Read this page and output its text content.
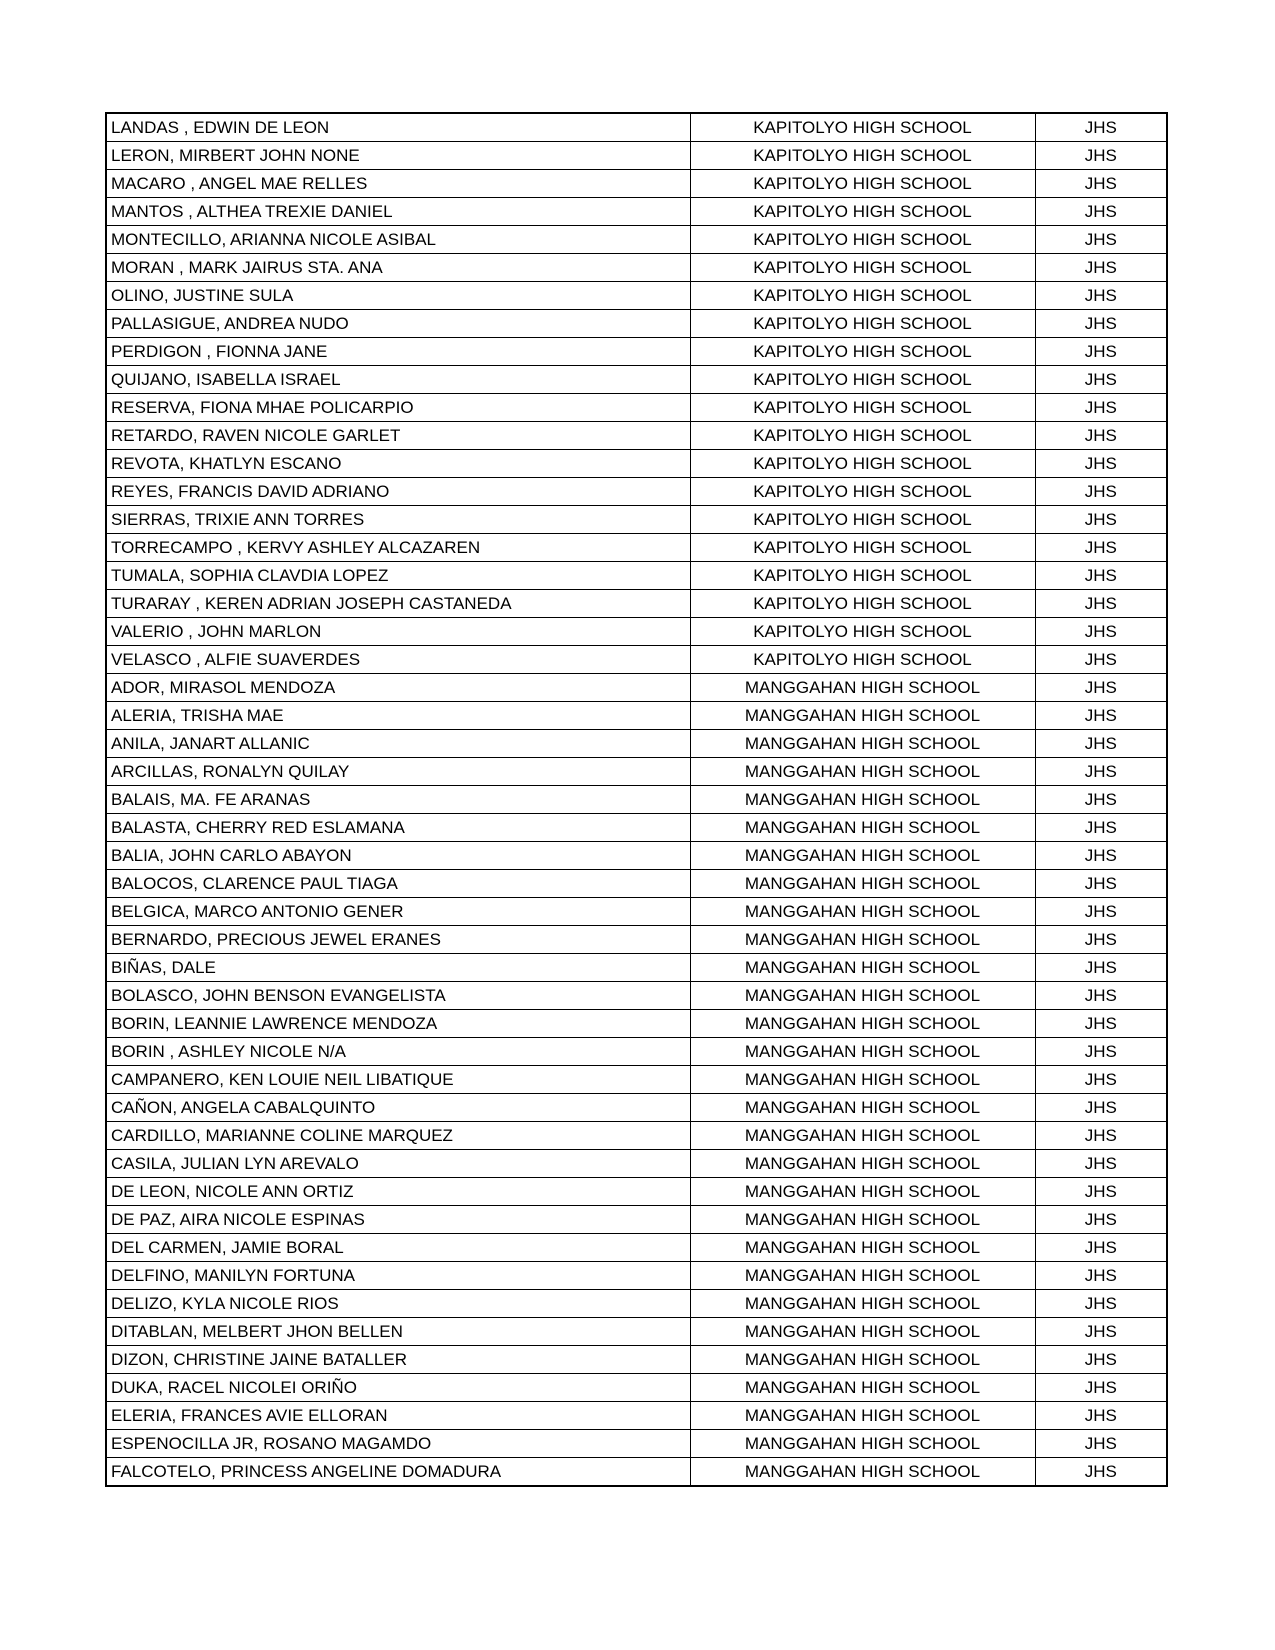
LANDAS , EDWIN DE LEON	KAPITOLYO HIGH SCHOOL	JHS
LERON, MIRBERT JOHN NONE	KAPITOLYO HIGH SCHOOL	JHS
MACARO , ANGEL MAE RELLES	KAPITOLYO HIGH SCHOOL	JHS
MANTOS , ALTHEA TREXIE DANIEL	KAPITOLYO HIGH SCHOOL	JHS
MONTECILLO, ARIANNA NICOLE ASIBAL	KAPITOLYO HIGH SCHOOL	JHS
MORAN , MARK JAIRUS STA. ANA	KAPITOLYO HIGH SCHOOL	JHS
OLINO, JUSTINE SULA	KAPITOLYO HIGH SCHOOL	JHS
PALLASIGUE, ANDREA NUDO	KAPITOLYO HIGH SCHOOL	JHS
PERDIGON , FIONNA JANE	KAPITOLYO HIGH SCHOOL	JHS
QUIJANO, ISABELLA ISRAEL	KAPITOLYO HIGH SCHOOL	JHS
RESERVA, FIONA MHAE POLICARPIO	KAPITOLYO HIGH SCHOOL	JHS
RETARDO, RAVEN NICOLE GARLET	KAPITOLYO HIGH SCHOOL	JHS
REVOTA, KHATLYN ESCANO	KAPITOLYO HIGH SCHOOL	JHS
REYES, FRANCIS DAVID ADRIANO	KAPITOLYO HIGH SCHOOL	JHS
SIERRAS, TRIXIE ANN TORRES	KAPITOLYO HIGH SCHOOL	JHS
TORRECAMPO , KERVY ASHLEY ALCAZAREN	KAPITOLYO HIGH SCHOOL	JHS
TUMALA, SOPHIA CLAVDIA LOPEZ	KAPITOLYO HIGH SCHOOL	JHS
TURARAY , KEREN ADRIAN JOSEPH CASTANEDA	KAPITOLYO HIGH SCHOOL	JHS
VALERIO , JOHN MARLON	KAPITOLYO HIGH SCHOOL	JHS
VELASCO , ALFIE SUAVERDES	KAPITOLYO HIGH SCHOOL	JHS
ADOR, MIRASOL MENDOZA	MANGGAHAN HIGH SCHOOL	JHS
ALERIA, TRISHA MAE	MANGGAHAN HIGH SCHOOL	JHS
ANILA, JANART ALLANIC	MANGGAHAN HIGH SCHOOL	JHS
ARCILLAS, RONALYN QUILAY	MANGGAHAN HIGH SCHOOL	JHS
BALAIS, MA. FE ARANAS	MANGGAHAN HIGH SCHOOL	JHS
BALASTA, CHERRY RED ESLAMANA	MANGGAHAN HIGH SCHOOL	JHS
BALIA, JOHN CARLO ABAYON	MANGGAHAN HIGH SCHOOL	JHS
BALOCOS, CLARENCE PAUL TIAGA	MANGGAHAN HIGH SCHOOL	JHS
BELGICA, MARCO ANTONIO GENER	MANGGAHAN HIGH SCHOOL	JHS
BERNARDO, PRECIOUS JEWEL ERANES	MANGGAHAN HIGH SCHOOL	JHS
BIÑAS, DALE	MANGGAHAN HIGH SCHOOL	JHS
BOLASCO, JOHN BENSON EVANGELISTA	MANGGAHAN HIGH SCHOOL	JHS
BORIN, LEANNIE LAWRENCE MENDOZA	MANGGAHAN HIGH SCHOOL	JHS
BORIN , ASHLEY NICOLE N/A	MANGGAHAN HIGH SCHOOL	JHS
CAMPANERO, KEN LOUIE NEIL LIBATIQUE	MANGGAHAN HIGH SCHOOL	JHS
CAÑON, ANGELA CABALQUINTO	MANGGAHAN HIGH SCHOOL	JHS
CARDILLO, MARIANNE COLINE MARQUEZ	MANGGAHAN HIGH SCHOOL	JHS
CASILA, JULIAN LYN AREVALO	MANGGAHAN HIGH SCHOOL	JHS
DE LEON, NICOLE ANN ORTIZ	MANGGAHAN HIGH SCHOOL	JHS
DE PAZ, AIRA NICOLE ESPINAS	MANGGAHAN HIGH SCHOOL	JHS
DEL CARMEN, JAMIE BORAL	MANGGAHAN HIGH SCHOOL	JHS
DELFINO, MANILYN FORTUNA	MANGGAHAN HIGH SCHOOL	JHS
DELIZO, KYLA NICOLE RIOS	MANGGAHAN HIGH SCHOOL	JHS
DITABLAN, MELBERT JHON BELLEN	MANGGAHAN HIGH SCHOOL	JHS
DIZON, CHRISTINE JAINE BATALLER	MANGGAHAN HIGH SCHOOL	JHS
DUKA, RACEL NICOLEI ORIÑO	MANGGAHAN HIGH SCHOOL	JHS
ELERIA, FRANCES AVIE ELLORAN	MANGGAHAN HIGH SCHOOL	JHS
ESPENOCILLA JR, ROSANO MAGAMDO	MANGGAHAN HIGH SCHOOL	JHS
FALCOTELO, PRINCESS ANGELINE DOMADURA	MANGGAHAN HIGH SCHOOL	JHS
